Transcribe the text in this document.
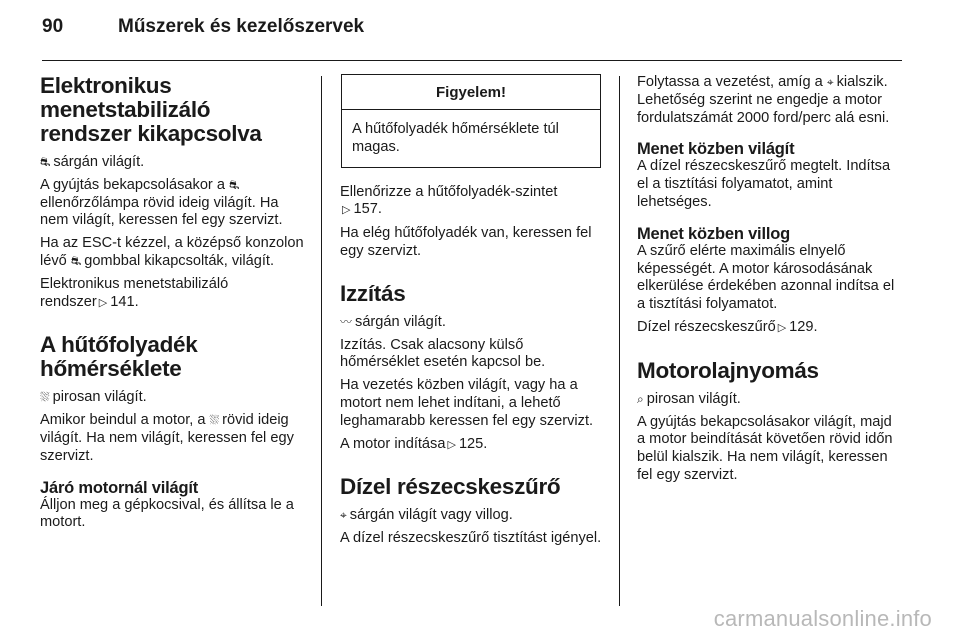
90	Műszerek és kezelőszervek
Elektronikus menetstabilizáló rendszer kikapcsolva

⛐ sárgán világít.

A gyújtás bekapcsolásakor a ⛐ellenőrzőlámpa rövid ideig világít. Ha nem világít, keressen fel egy szervizt.

Ha az ESC-t kézzel, a középső konzolon lévő ⛐ gombbal kikapcsolták, világít.

Elektronikus menetstabilizáló rendszer ▷ 141.

A hűtőfolyadék hőmérséklete

⛆ pirosan világít.

Amikor beindul a motor, a ⛆ rövid ideig világít. Ha nem világít, keressen fel egy szervizt.

Járó motornál világít

Álljon meg a gépkocsival, és állítsa le a motort.

Figyelem!

A hűtőfolyadék hőmérséklete túl magas.

Ellenőrizze a hűtőfolyadék-szintet
▷ 157.

Ha elég hűtőfolyadék van, keressen fel egy szervizt.

Izzítás

〰 sárgán világít.

Izzítás. Csak alacsony külső hőmérséklet esetén kapcsol be.

Ha vezetés közben világít, vagy ha a motort nem lehet indítani, a lehető leghamarabb keressen fel egy szervizt.

A motor indítása ▷ 125.

Dízel részecskeszűrő

⌖ sárgán világít vagy villog.

A dízel részecskeszűrő tisztítást igényel.

Folytassa a vezetést, amíg a ⌖ kialszik. Lehetőség szerint ne engedje a motor fordulatszámát 2000 ford/perc alá esni.

Menet közben világít

A dízel részecskeszűrő megtelt. Indítsa el a tisztítási folyamatot, amint lehetséges.

Menet közben villog

A szűrő elérte maximális elnyelő képességét. A motor károsodásának elkerülése érdekében azonnal indítsa el a tisztítási folyamatot.

Dízel részecskeszűrő ▷ 129.

Motorolajnyomás

⌕ pirosan világít.

A gyújtás bekapcsolásakor világít, majd a motor beindítását követően rövid időn belül kialszik. Ha nem világít, keressen fel egy szervizt.

carmanualsonline.info
